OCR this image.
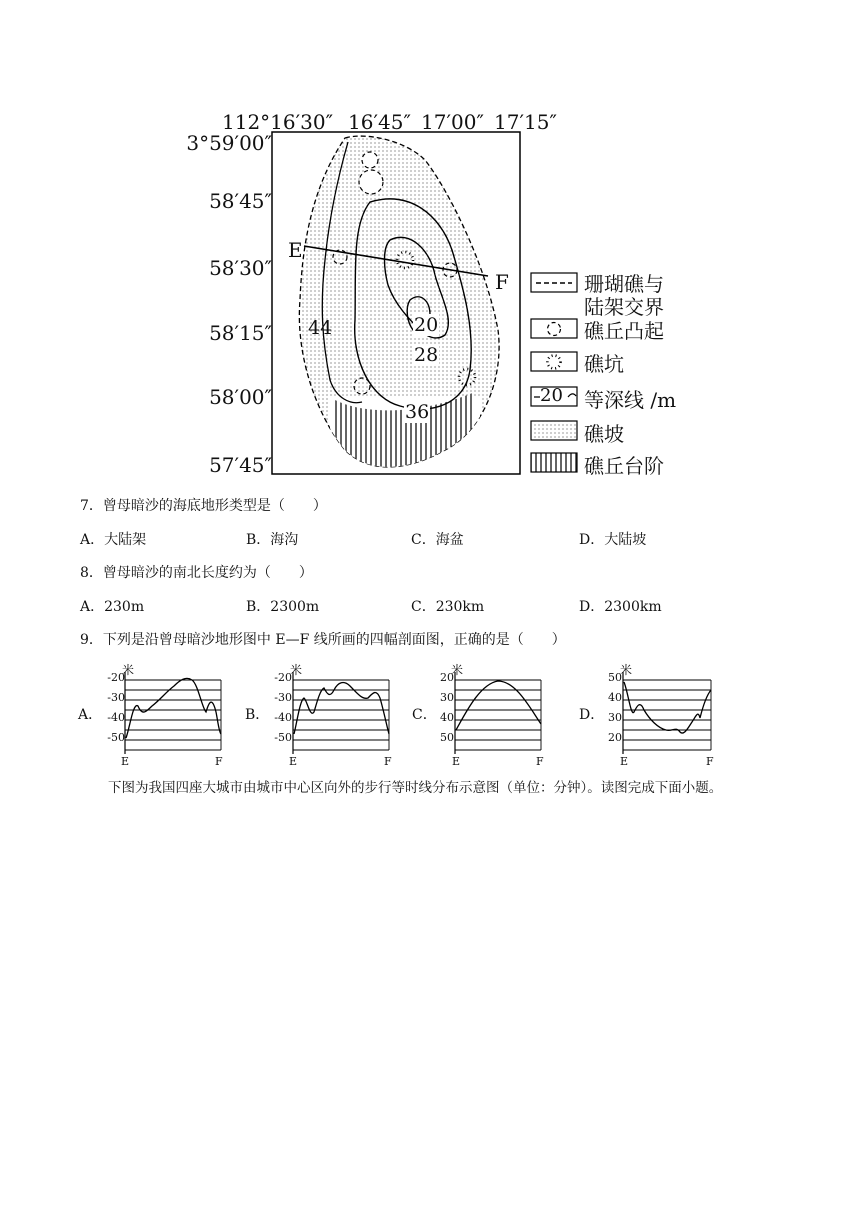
112°16′30″ 16′45″ 17′00″ 17′15″
3°59′00″
58′45″
58′30″
58′15″
58′00″
57′45″
E
F
44	20
28
36
珊瑚礁与
陆架交界
礁丘凸起
礁坑
20 等深线 /m
礁坡
礁丘台阶
7．曾母暗沙的海底地形类型是（　　）
A．大陆架	B．海沟	C．海盆	D．大陆坡
8．曾母暗沙的南北长度约为（　　）
A．230m	B．2300m	C．230km	D．2300km
9．下列是沿曾母暗沙地形图中 E—F 线所画的四幅剖面图，正确的是（　　）
A．
米
-20
-30
-40
-50
E	F
B．
米
-20
-30
-40
-50
E	F
C．
米
20
30
40
50
E	F
D．
米
50
40
30
20
E	F
下图为我国四座大城市由城市中心区向外的步行等时线分布示意图（单位：分钟）。读图完成下面小题。
